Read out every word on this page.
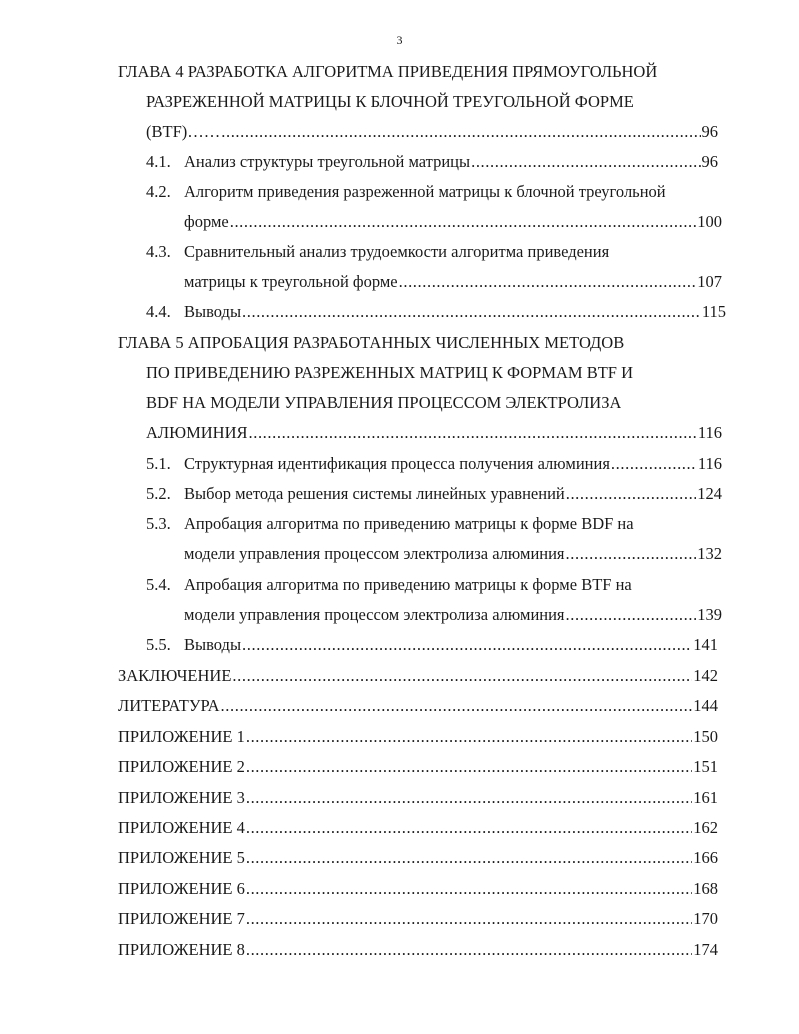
3
ГЛАВА 4 РАЗРАБОТКА АЛГОРИТМА ПРИВЕДЕНИЯ ПРЯМОУГОЛЬНОЙ
РАЗРЕЖЕННОЙ МАТРИЦЫ К БЛОЧНОЙ ТРЕУГОЛЬНОЙ ФОРМЕ
(BTF)…… .....	96
4.1. Анализ структуры треугольной матрицы .....	96
4.2. Алгоритм приведения разреженной матрицы к блочной треугольной
форме .....	100
4.3. Сравнительный анализ трудоемкости алгоритма приведения
матрицы к треугольной форме .....	107
4.4. Выводы .....	115
ГЛАВА 5 АПРОБАЦИЯ РАЗРАБОТАННЫХ ЧИСЛЕННЫХ МЕТОДОВ
ПО ПРИВЕДЕНИЮ РАЗРЕЖЕННЫХ МАТРИЦ К ФОРМАМ BTF И
BDF НА МОДЕЛИ УПРАВЛЕНИЯ ПРОЦЕССОМ ЭЛЕКТРОЛИЗА
АЛЮМИНИЯ .....	116
5.1. Структурная идентификация процесса получения алюминия .....	116
5.2. Выбор метода решения системы линейных уравнений .....	124
5.3. Апробация алгоритма по приведению матрицы к форме BDF на
модели управления процессом электролиза алюминия .....	132
5.4. Апробация алгоритма по приведению матрицы к форме BTF на
модели управления процессом электролиза алюминия .....	139
5.5. Выводы .....	141
ЗАКЛЮЧЕНИЕ .....	142
ЛИТЕРАТУРА .....	144
ПРИЛОЖЕНИЕ 1 .....	150
ПРИЛОЖЕНИЕ 2 .....	151
ПРИЛОЖЕНИЕ 3 .....	161
ПРИЛОЖЕНИЕ 4 .....	162
ПРИЛОЖЕНИЕ 5 .....	166
ПРИЛОЖЕНИЕ 6 .....	168
ПРИЛОЖЕНИЕ 7 .....	170
ПРИЛОЖЕНИЕ 8 .....	174
